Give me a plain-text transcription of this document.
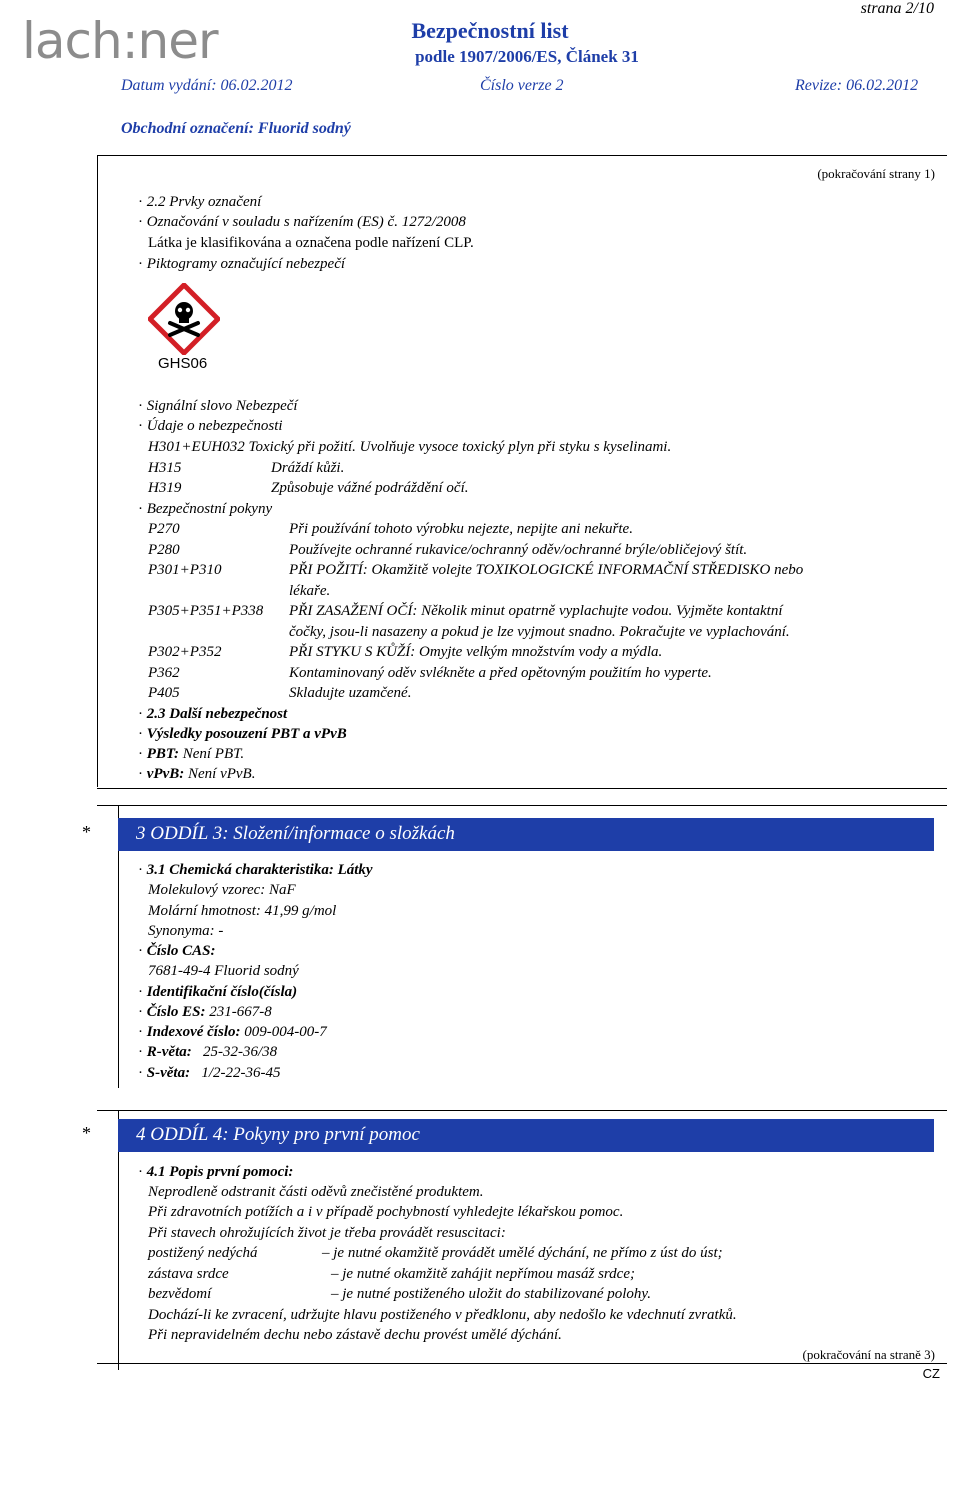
strana 2/10
lach:ner	Bezpečnostní list
podle 1907/2006/ES, Článek 31
Datum vydání: 06.02.2012	Číslo verze 2	Revize: 06.02.2012
Obchodní označení: Fluorid sodný
(pokračování strany 1)
· 2.2 Prvky označení
· Označování v souladu s nařízením (ES) č. 1272/2008
Látka je klasifikována a označena podle nařízení CLP.
· Piktogramy označující nebezpečí
GHS06
· Signální slovo Nebezpečí
· Údaje o nebezpečnosti
H301+EUH032 Toxický při požití. Uvolňuje vysoce toxický plyn při styku s kyselinami.
H315	Dráždí kůži.
H319	Způsobuje vážné podráždění očí.
· Bezpečnostní pokyny
P270	Při používání tohoto výrobku nejezte, nepijte ani nekuřte.
P280	Používejte ochranné rukavice/ochranný oděv/ochranné brýle/obličejový štít.
P301+P310	PŘI POŽITÍ: Okamžitě volejte TOXIKOLOGICKÉ INFORMAČNÍ STŘEDISKO nebo
lékaře.
P305+P351+P338 PŘI ZASAŽENÍ OČÍ: Několik minut opatrně vyplachujte vodou. Vyjměte kontaktní
čočky, jsou-li nasazeny a pokud je lze vyjmout snadno. Pokračujte ve vyplachování.
P302+P352	PŘI STYKU S KŮŽÍ: Omyjte velkým množstvím vody a mýdla.
P362	Kontaminovaný oděv svlékněte a před opětovným použitím ho vyperte.
P405	Skladujte uzamčené.
· 2.3 Další nebezpečnost
· Výsledky posouzení PBT a vPvB
· PBT: Není PBT.
· vPvB: Není vPvB.
* 3 ODDÍL 3: Složení/informace o složkách
· 3.1 Chemická charakteristika: Látky
Molekulový vzorec: NaF
Molární hmotnost: 41,99 g/mol
Synonyma: -
· Číslo CAS:
7681-49-4 Fluorid sodný
· Identifikační číslo(čísla)
· Číslo ES: 231-667-8
· Indexové číslo: 009-004-00-7
· R-věta: 25-32-36/38
· S-věta: 1/2-22-36-45
* 4 ODDÍL 4: Pokyny pro první pomoc
· 4.1 Popis první pomoci:
Neprodleně odstranit části oděvů znečistěné produktem.
Při zdravotních potížích a i v případě pochybností vyhledejte lékařskou pomoc.
Při stavech ohrožujících život je třeba provádět resuscitaci:
postižený nedýchá	– je nutné okamžitě provádět umělé dýchání, ne přímo z úst do úst;
zástava srdce	– je nutné okamžitě zahájit nepřímou masáž srdce;
bezvědomí	– je nutné postiženého uložit do stabilizované polohy.
Dochází-li ke zvracení, udržujte hlavu postiženého v předklonu, aby nedošlo ke vdechnutí zvratků.
Při nepravidelném dechu nebo zástavě dechu provést umělé dýchání.
(pokračování na straně 3)
CZ
